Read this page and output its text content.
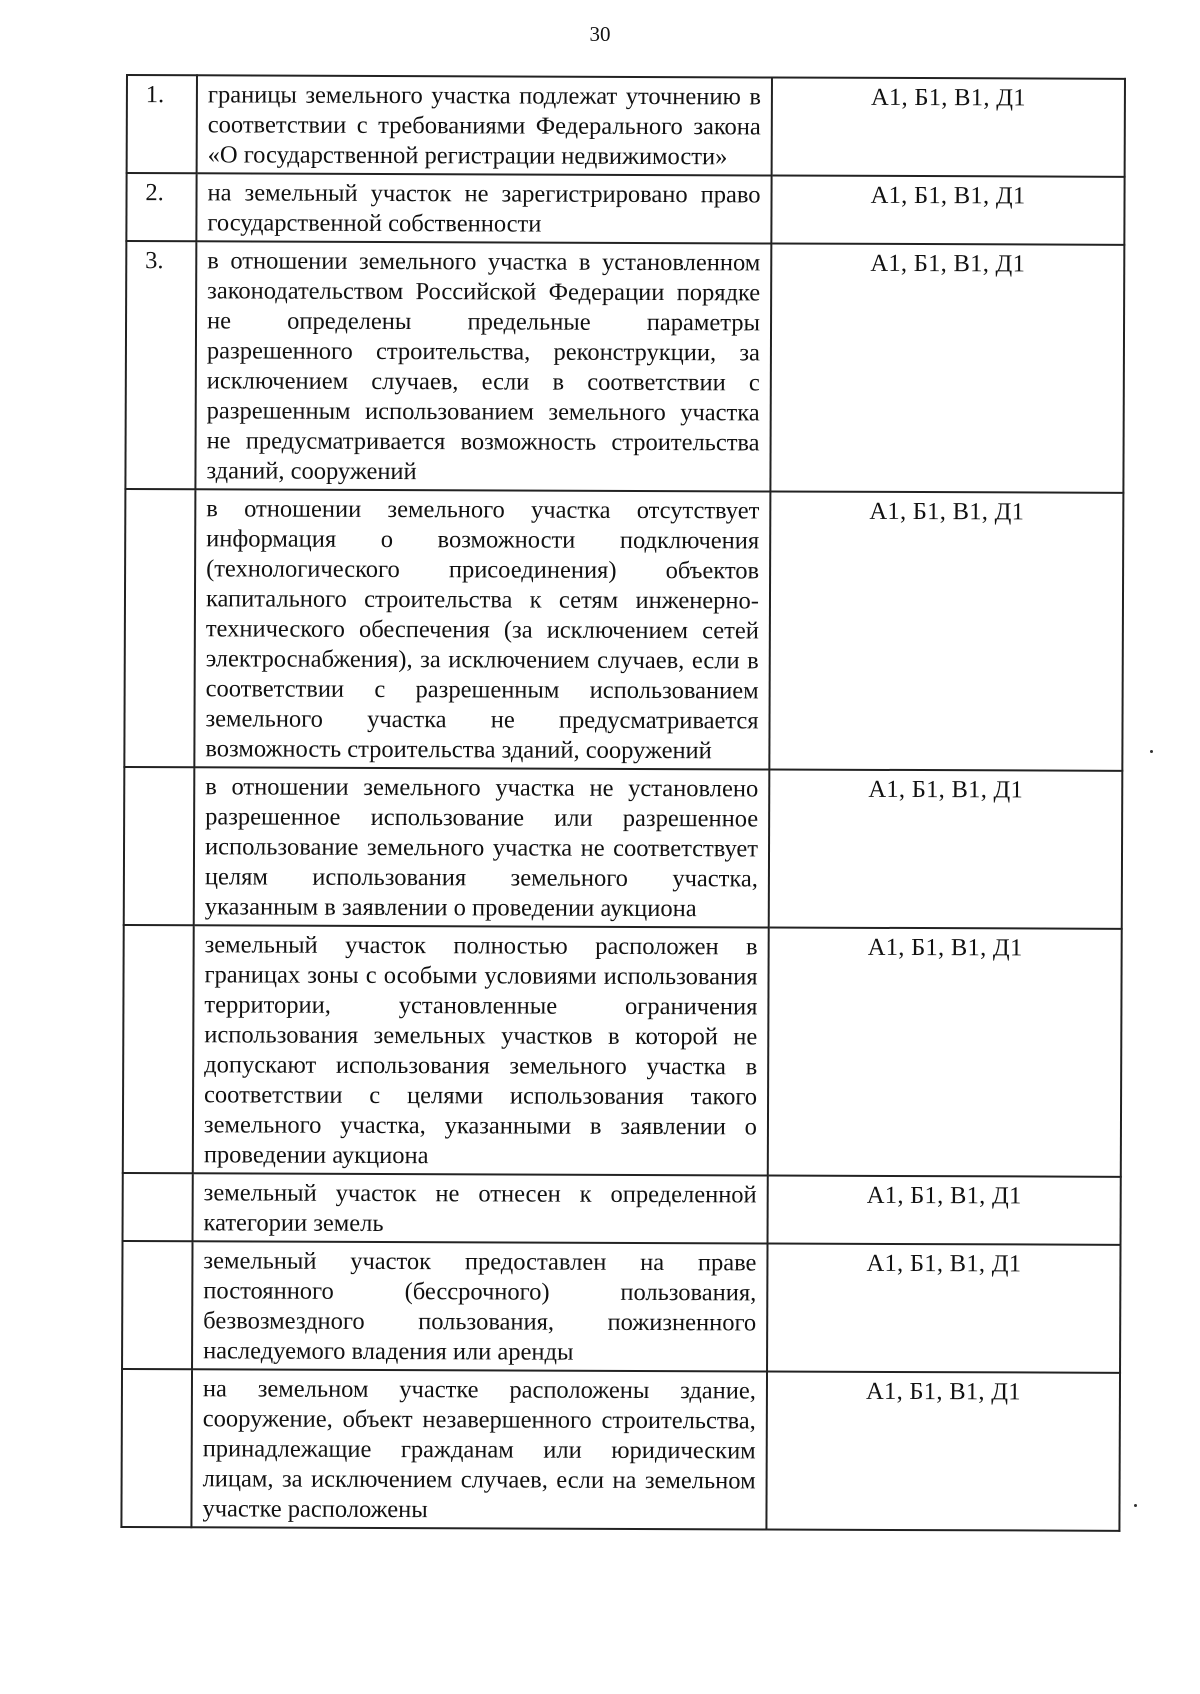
30
1.	границы земельного участка подлежат уточнению в соответствии с требованиями Федерального закона «О государственной регистрации недвижимости»	А1, Б1, В1, Д1
2.	на земельный участок не зарегистрировано право государственной собственности	А1, Б1, В1, Д1
3.	в отношении земельного участка в установленном законодательством Российской Федерации порядке не определены предельные параметры разрешенного строительства, реконструкции, за исключением случаев, если в соответствии с разрешенным использованием земельного участка не предусматривается возможность строительства зданий, сооружений	А1, Б1, В1, Д1
	в отношении земельного участка отсутствует информация о возможности подключения (технологического присоединения) объектов капитального строительства к сетям инженерно-технического обеспечения (за исключением сетей электроснабжения), за исключением случаев, если в соответствии с разрешенным использованием земельного участка не предусматривается возможность строительства зданий, сооружений	А1, Б1, В1, Д1
	в отношении земельного участка не установлено разрешенное использование или разрешенное использование земельного участка не соответствует целям использования земельного участка, указанным в заявлении о проведении аукциона	А1, Б1, В1, Д1
	земельный участок полностью расположен в границах зоны с особыми условиями использования территории, установленные ограничения использования земельных участков в которой не допускают использования земельного участка в соответствии с целями использования такого земельного участка, указанными в заявлении о проведении аукциона	А1, Б1, В1, Д1
	земельный участок не отнесен к определенной категории земель	А1, Б1, В1, Д1
	земельный участок предоставлен на праве постоянного (бессрочного) пользования, безвозмездного пользования, пожизненного наследуемого владения или аренды	А1, Б1, В1, Д1
	на земельном участке расположены здание, сооружение, объект незавершенного строительства, принадлежащие гражданам или юридическим лицам, за исключением случаев, если на земельном участке расположены	А1, Б1, В1, Д1
